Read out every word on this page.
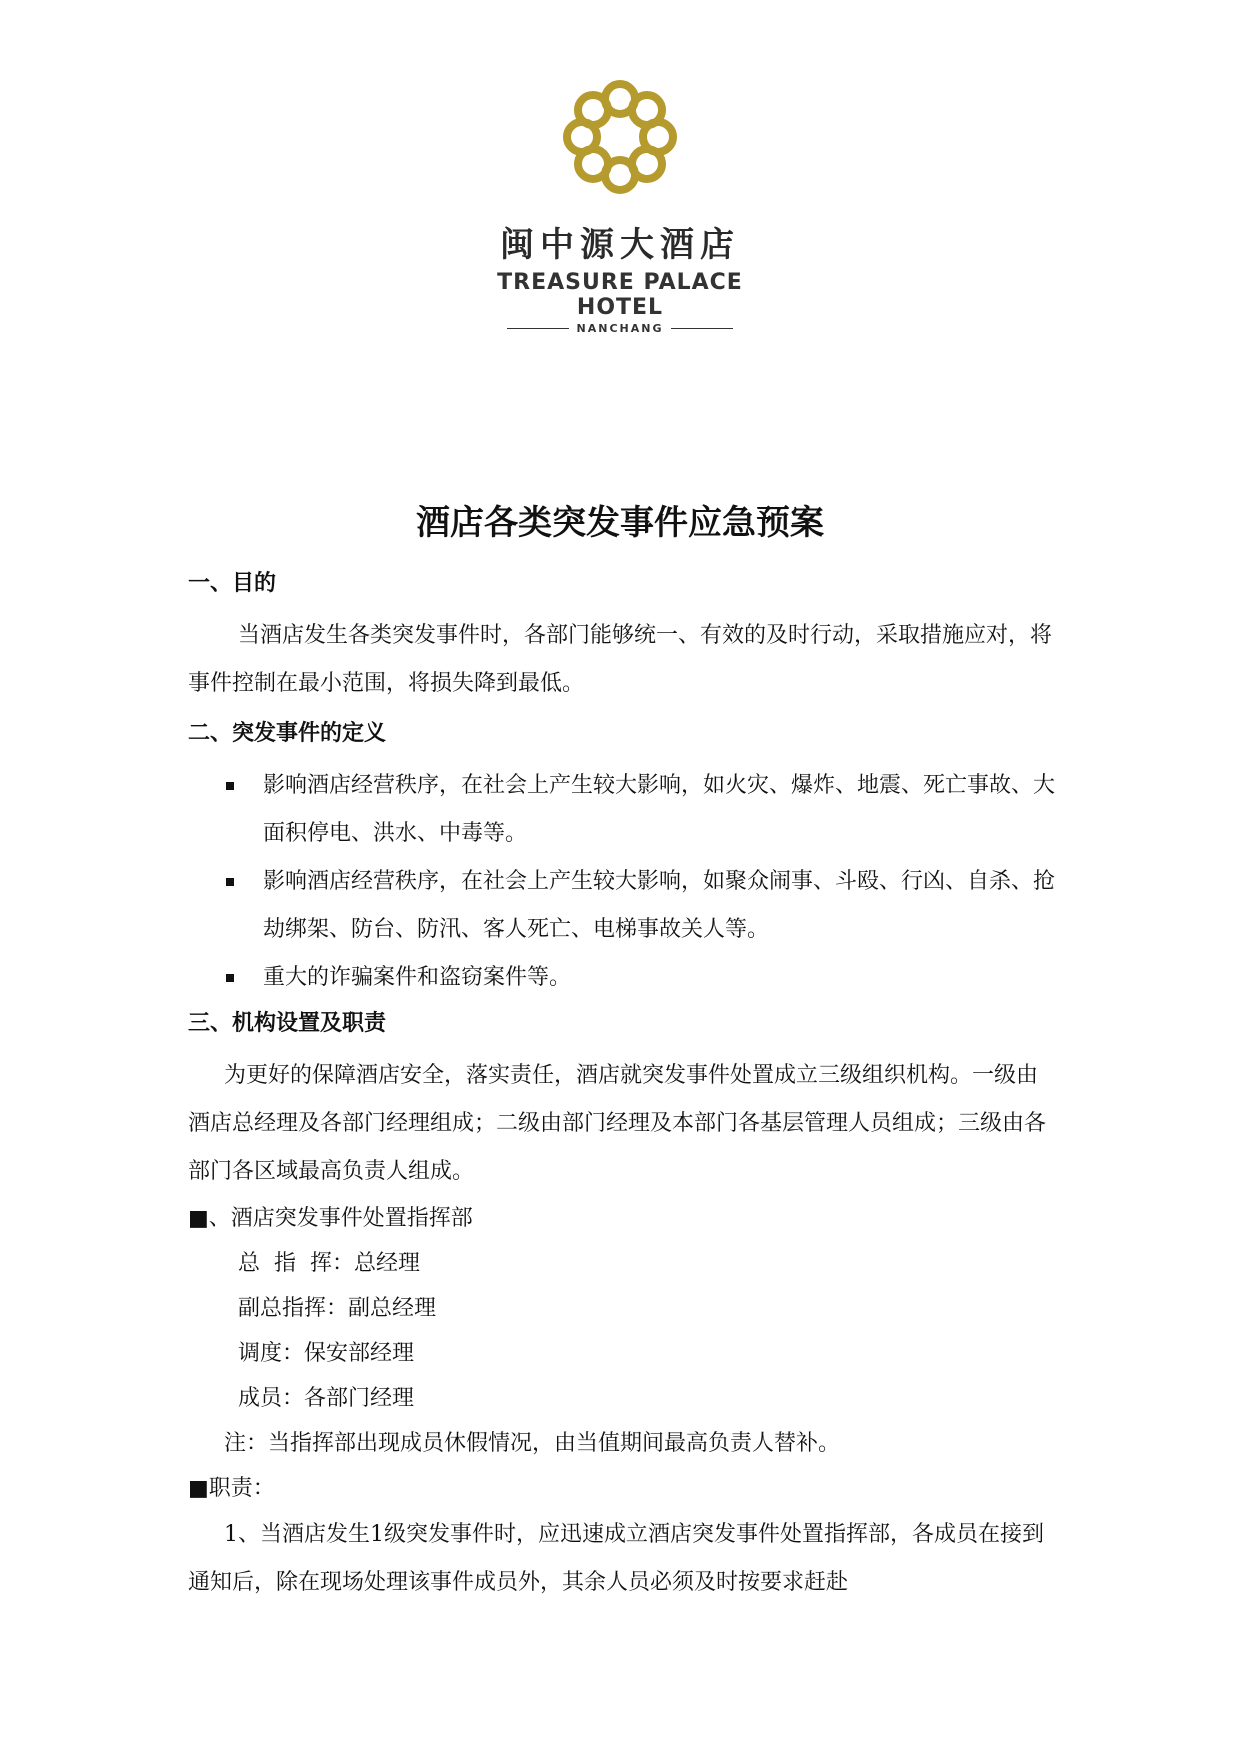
闽中源大酒店
TREASURE PALACE HOTEL
NANCHANG
酒店各类突发事件应急预案
一、目的

当酒店发生各类突发事件时，各部门能够统一、有效的及时行动，采取措施应对，将事件控制在最小范围，将损失降到最低。

二、突发事件的定义
影响酒店经营秩序，在社会上产生较大影响，如火灾、爆炸、地震、死亡事故、大面积停电、洪水、中毒等。
影响酒店经营秩序，在社会上产生较大影响，如聚众闹事、斗殴、行凶、自杀、抢劫绑架、防台、防汛、客人死亡、电梯事故关人等。
重大的诈骗案件和盗窃案件等。
三、机构设置及职责

为更好的保障酒店安全，落实责任，酒店就突发事件处置成立三级组织机构。一级由酒店总经理及各部门经理组成；二级由部门经理及本部门各基层管理人员组成；三级由各部门各区域最高负责人组成。

■、酒店突发事件处置指挥部
总  指  挥：总经理
副总指挥：副总经理
调度：保安部经理
成员：各部门经理
注：当指挥部出现成员休假情况，由当值期间最高负责人替补。
■职责：

1、当酒店发生1级突发事件时，应迅速成立酒店突发事件处置指挥部，各成员在接到通知后，除在现场处理该事件成员外，其余人员必须及时按要求赶赴
